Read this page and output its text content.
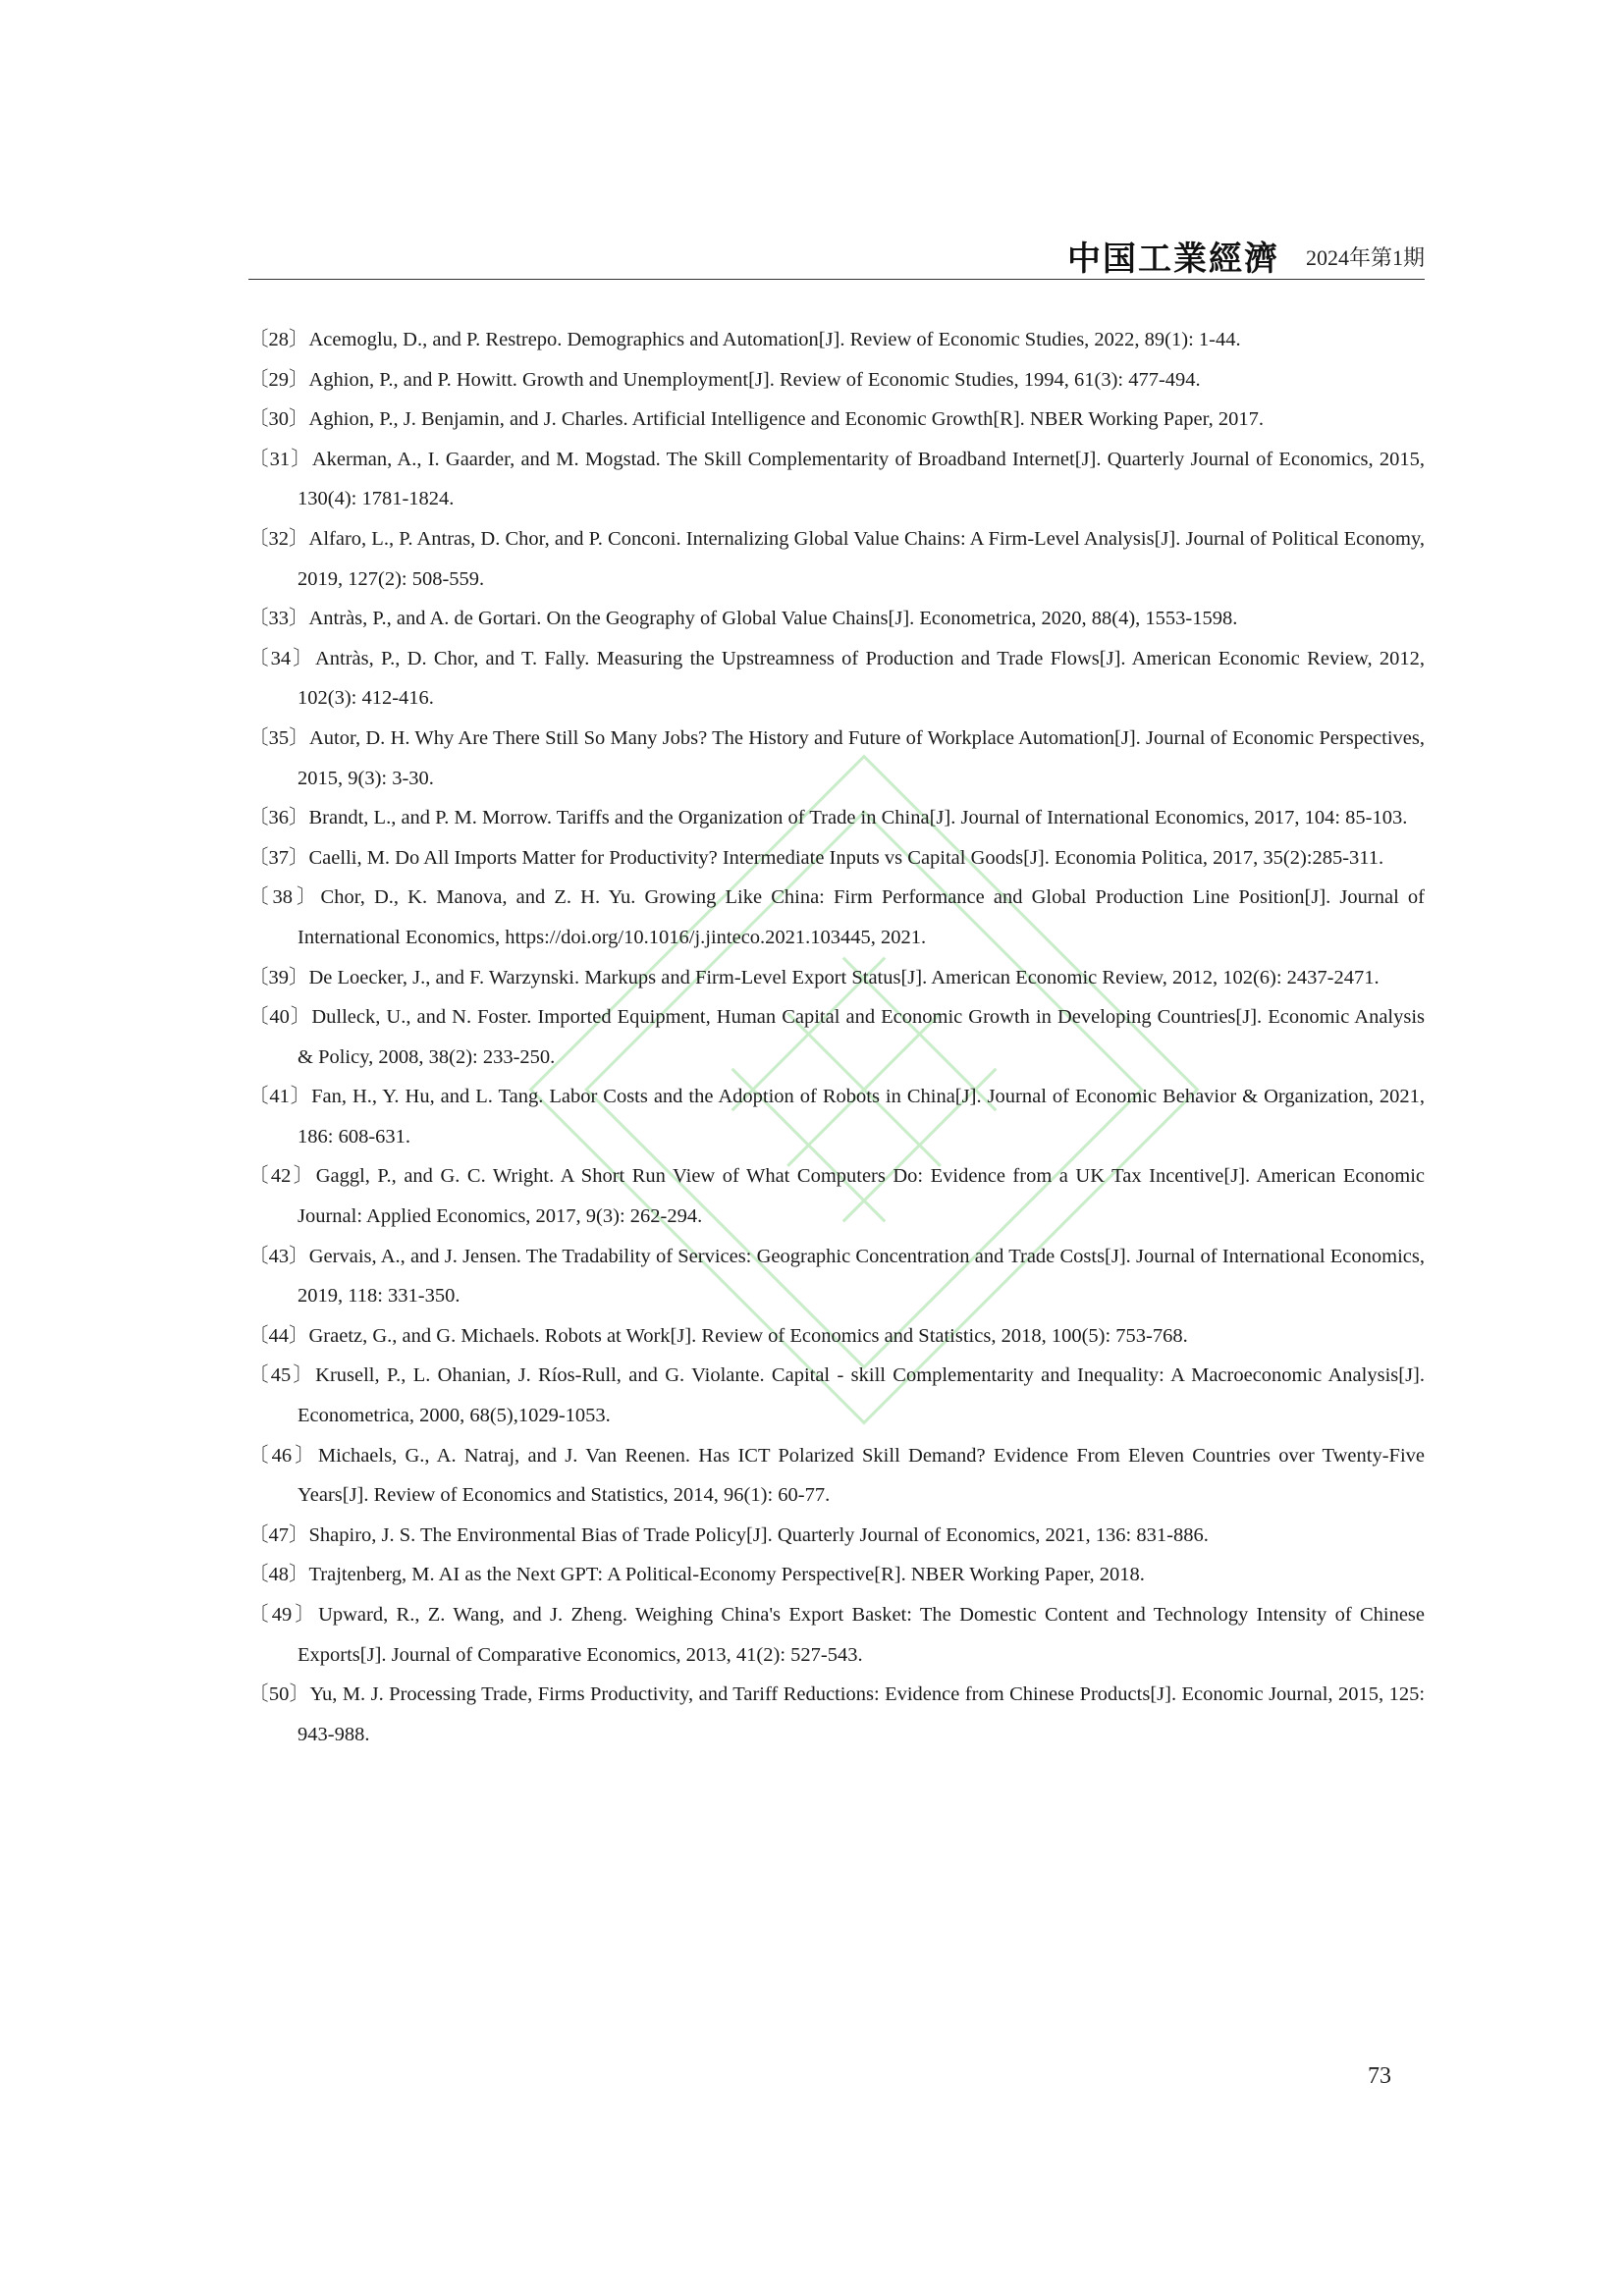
中国工業經濟 2024年第1期
〔28〕Acemoglu, D., and P. Restrepo. Demographics and Automation[J]. Review of Economic Studies, 2022, 89(1): 1-44.
〔29〕Aghion, P., and P. Howitt. Growth and Unemployment[J]. Review of Economic Studies, 1994, 61(3): 477-494.
〔30〕Aghion, P., J. Benjamin, and J. Charles. Artificial Intelligence and Economic Growth[R]. NBER Working Paper, 2017.
〔31〕Akerman, A., I. Gaarder, and M. Mogstad. The Skill Complementarity of Broadband Internet[J]. Quarterly Journal of Economics, 2015, 130(4): 1781-1824.
〔32〕Alfaro, L., P. Antras, D. Chor, and P. Conconi. Internalizing Global Value Chains: A Firm-Level Analysis[J]. Journal of Political Economy, 2019, 127(2): 508-559.
〔33〕Antràs, P., and A. de Gortari. On the Geography of Global Value Chains[J]. Econometrica, 2020, 88(4), 1553-1598.
〔34〕Antràs, P., D. Chor, and T. Fally. Measuring the Upstreamness of Production and Trade Flows[J]. American Economic Review, 2012, 102(3): 412-416.
〔35〕Autor, D. H. Why Are There Still So Many Jobs? The History and Future of Workplace Automation[J]. Journal of Economic Perspectives, 2015, 9(3): 3-30.
〔36〕Brandt, L., and P. M. Morrow. Tariffs and the Organization of Trade in China[J]. Journal of International Economics, 2017, 104: 85-103.
〔37〕Caelli, M. Do All Imports Matter for Productivity? Intermediate Inputs vs Capital Goods[J]. Economia Politica, 2017, 35(2):285-311.
〔38〕Chor, D., K. Manova, and Z. H. Yu. Growing Like China: Firm Performance and Global Production Line Position[J]. Journal of International Economics, https://doi.org/10.1016/j.jinteco.2021.103445, 2021.
〔39〕De Loecker, J., and F. Warzynski. Markups and Firm-Level Export Status[J]. American Economic Review, 2012, 102(6): 2437-2471.
〔40〕Dulleck, U., and N. Foster. Imported Equipment, Human Capital and Economic Growth in Developing Countries[J]. Economic Analysis & Policy, 2008, 38(2): 233-250.
〔41〕Fan, H., Y. Hu, and L. Tang. Labor Costs and the Adoption of Robots in China[J]. Journal of Economic Behavior & Organization, 2021, 186: 608-631.
〔42〕Gaggl, P., and G. C. Wright. A Short Run View of What Computers Do: Evidence from a UK Tax Incentive[J]. American Economic Journal: Applied Economics, 2017, 9(3): 262-294.
〔43〕Gervais, A., and J. Jensen. The Tradability of Services: Geographic Concentration and Trade Costs[J]. Journal of International Economics, 2019, 118: 331-350.
〔44〕Graetz, G., and G. Michaels. Robots at Work[J]. Review of Economics and Statistics, 2018, 100(5): 753-768.
〔45〕Krusell, P., L. Ohanian, J. Ríos-Rull, and G. Violante. Capital - skill Complementarity and Inequality: A Macroeconomic Analysis[J]. Econometrica, 2000, 68(5),1029-1053.
〔46〕Michaels, G., A. Natraj, and J. Van Reenen. Has ICT Polarized Skill Demand? Evidence From Eleven Countries over Twenty-Five Years[J]. Review of Economics and Statistics, 2014, 96(1): 60-77.
〔47〕Shapiro, J. S. The Environmental Bias of Trade Policy[J]. Quarterly Journal of Economics, 2021, 136: 831-886.
〔48〕Trajtenberg, M. AI as the Next GPT: A Political-Economy Perspective[R]. NBER Working Paper, 2018.
〔49〕Upward, R., Z. Wang, and J. Zheng. Weighing China's Export Basket: The Domestic Content and Technology Intensity of Chinese Exports[J]. Journal of Comparative Economics, 2013, 41(2): 527-543.
〔50〕Yu, M. J. Processing Trade, Firms Productivity, and Tariff Reductions: Evidence from Chinese Products[J]. Economic Journal, 2015, 125: 943-988.
73
